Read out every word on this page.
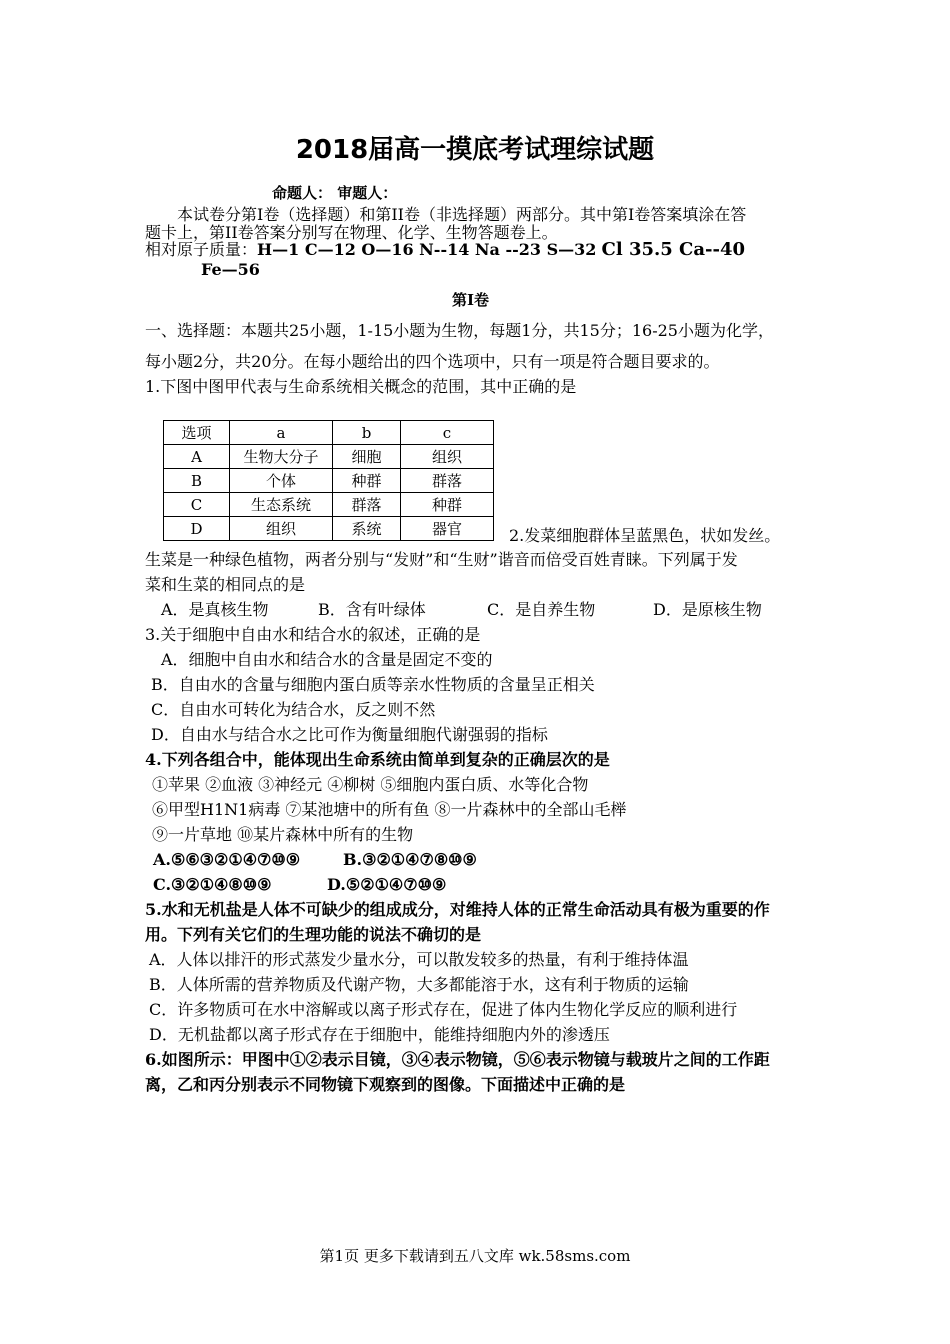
2018届高一摸底考试理综试题
命题人： 审题人：
本试卷分第Ⅰ卷（选择题）和第II卷（非选择题）两部分。其中第Ⅰ卷答案填涂在答
题卡上，第II卷答案分别写在物理、化学、生物答题卷上。
相对原子质量：H—1 C—12 O—16 N--14 Na --23 S—32 Cl 35.5 Ca--40
Fe—56
第Ⅰ卷
一、选择题：本题共25小题，1-15小题为生物，每题1分，共15分；16-25小题为化学，
每小题2分，共20分。在每小题给出的四个选项中，只有一项是符合题目要求的。
1.下图中图甲代表与生命系统相关概念的范围，其中正确的是
选项	a	b	c
A	生物大分子	细胞	组织
B	个体	种群	群落
C	生态系统	群落	种群
D	组织	系统	器官	2.发菜细胞群体呈蓝黑色，状如发丝。
生菜是一种绿色植物，两者分别与“发财”和“生财”谐音而倍受百姓青睐。下列属于发
菜和生菜的相同点的是
A．是真核生物	B．含有叶绿体	C．是自养生物	D．是原核生物
3.关于细胞中自由水和结合水的叙述，正确的是
A．细胞中自由水和结合水的含量是固定不变的
B．自由水的含量与细胞内蛋白质等亲水性物质的含量呈正相关
C．自由水可转化为结合水，反之则不然
D．自由水与结合水之比可作为衡量细胞代谢强弱的指标
4.下列各组合中，能体现出生命系统由简单到复杂的正确层次的是
①苹果 ②血液 ③神经元 ④柳树 ⑤细胞内蛋白质、水等化合物
⑥甲型H1N1病毒 ⑦某池塘中的所有鱼 ⑧一片森林中的全部山毛榉
⑨一片草地 ⑩某片森林中所有的生物
A.⑤⑥③②①④⑦⑩⑨	B.③②①④⑦⑧⑩⑨
C.③②①④⑧⑩⑨	D.⑤②①④⑦⑩⑨
5.水和无机盐是人体不可缺少的组成成分，对维持人体的正常生命活动具有极为重要的作
用。下列有关它们的生理功能的说法不确切的是
A．人体以排汗的形式蒸发少量水分，可以散发较多的热量，有利于维持体温
B．人体所需的营养物质及代谢产物，大多都能溶于水，这有利于物质的运输
C．许多物质可在水中溶解或以离子形式存在，促进了体内生物化学反应的顺利进行
D．无机盐都以离子形式存在于细胞中，能维持细胞内外的渗透压
6.如图所示：甲图中①②表示目镜，③④表示物镜，⑤⑥表示物镜与载玻片之间的工作距
离，乙和丙分别表示不同物镜下观察到的图像。下面描述中正确的是
第1页 更多下载请到五八文库 wk.58sms.com
